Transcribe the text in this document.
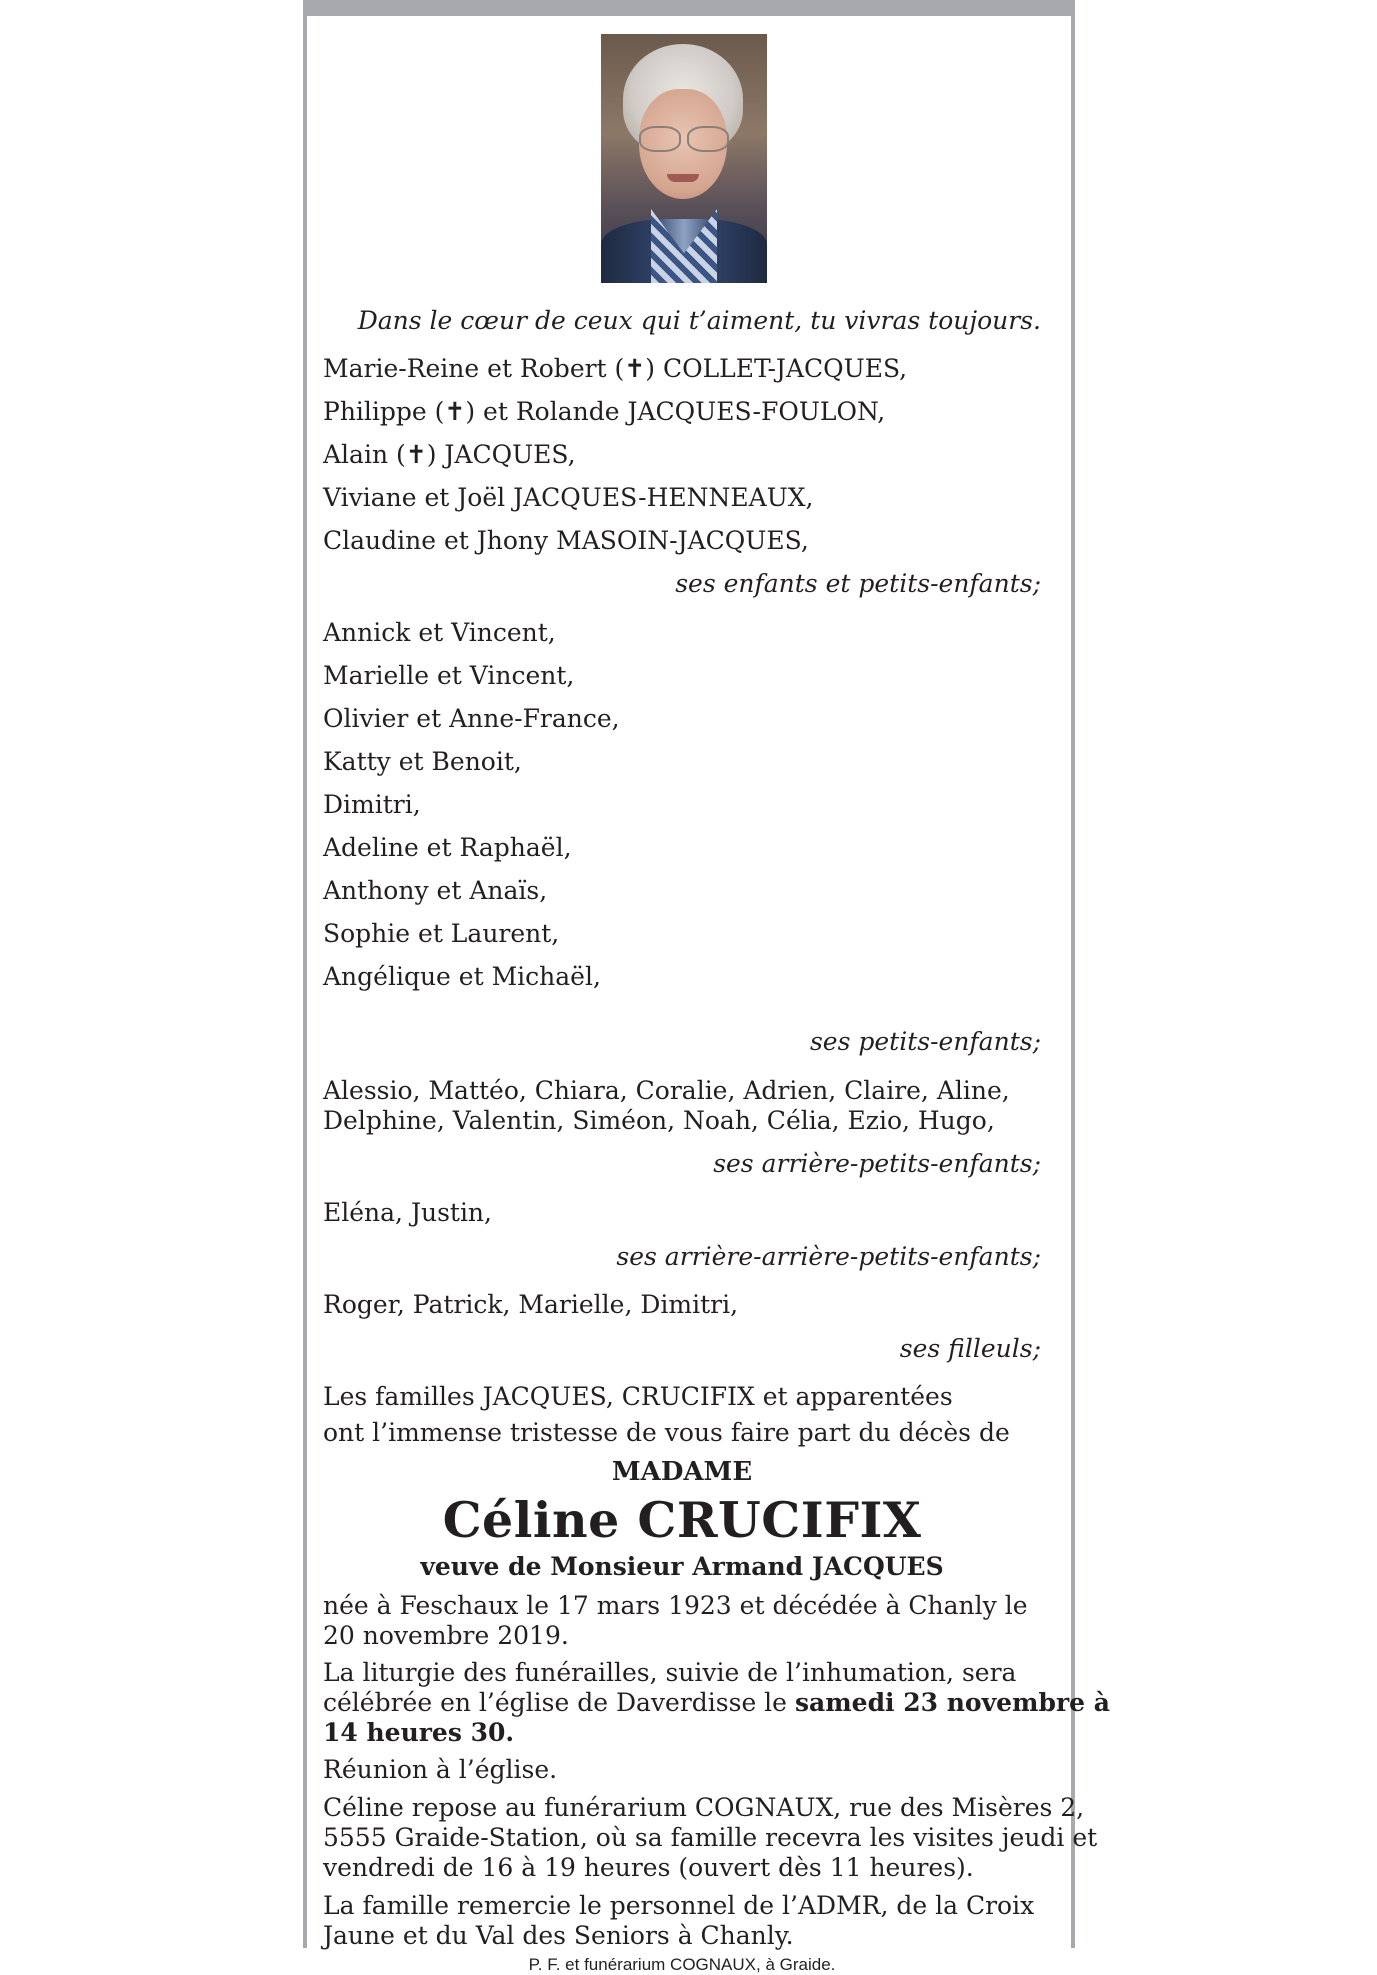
Dans le cœur de ceux qui t’aiment, tu vivras toujours.
Marie-Reine et Robert (✝) COLLET-JACQUES,
Philippe (✝) et Rolande JACQUES-FOULON,
Alain (✝) JACQUES,
Viviane et Joël JACQUES-HENNEAUX,
Claudine et Jhony MASOIN-JACQUES,
ses enfants et petits-enfants;
Annick et Vincent,
Marielle et Vincent,
Olivier et Anne-France,
Katty et Benoit,
Dimitri,
Adeline et Raphaël,
Anthony et Anaïs,
Sophie et Laurent,
Angélique et Michaël,
ses petits-enfants;
Alessio, Mattéo, Chiara, Coralie, Adrien, Claire, Aline,
Delphine, Valentin, Siméon, Noah, Célia, Ezio, Hugo,
ses arrière-petits-enfants;
Eléna, Justin,
ses arrière-arrière-petits-enfants;
Roger, Patrick, Marielle, Dimitri,
ses filleuls;
Les familles JACQUES, CRUCIFIX et apparentées
ont l’immense tristesse de vous faire part du décès de
MADAME
Céline CRUCIFIX
veuve de Monsieur Armand JACQUES
née à Feschaux le 17 mars 1923 et décédée à Chanly le
20 novembre 2019.
La liturgie des funérailles, suivie de l’inhumation, sera
célébrée en l’église de Daverdisse le samedi 23 novembre à
14 heures 30.
Réunion à l’église.
Céline repose au funérarium COGNAUX, rue des Misères 2,
5555 Graide-Station, où sa famille recevra les visites jeudi et
vendredi de 16 à 19 heures (ouvert dès 11 heures).
La famille remercie le personnel de l’ADMR, de la Croix
Jaune et du Val des Seniors à Chanly.
P. F. et funérarium COGNAUX, à Graide.
